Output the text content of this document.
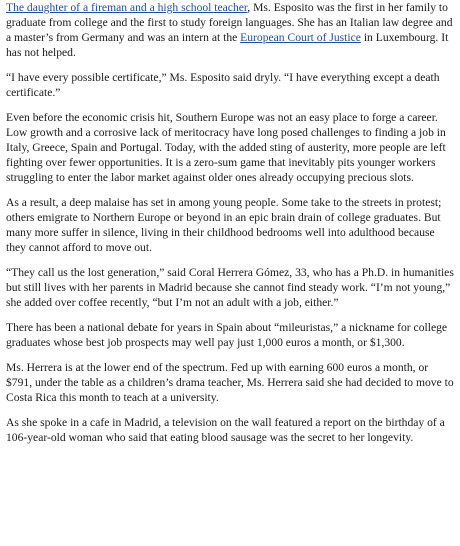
The daughter of a fireman and a high school teacher, Ms. Esposito was the first in her family to graduate from college and the first to study foreign languages. She has an Italian law degree and a master’s from Germany and was an intern at the European Court of Justice in Luxembourg. It has not helped.

“I have every possible certificate,” Ms. Esposito said dryly. “I have everything except a death certificate.”

Even before the economic crisis hit, Southern Europe was not an easy place to forge a career. Low growth and a corrosive lack of meritocracy have long posed challenges to finding a job in Italy, Greece, Spain and Portugal. Today, with the added sting of austerity, more people are left fighting over fewer opportunities. It is a zero-sum game that inevitably pits younger workers struggling to enter the labor market against older ones already occupying precious slots.

As a result, a deep malaise has set in among young people. Some take to the streets in protest; others emigrate to Northern Europe or beyond in an epic brain drain of college graduates. But many more suffer in silence, living in their childhood bedrooms well into adulthood because they cannot afford to move out.

“They call us the lost generation,” said Coral Herrera Gómez, 33, who has a Ph.D. in humanities but still lives with her parents in Madrid because she cannot find steady work. “I’m not young,” she added over coffee recently, “but I’m not an adult with a job, either.”

There has been a national debate for years in Spain about “mileuristas,” a nickname for college graduates whose best job prospects may well pay just 1,000 euros a month, or $1,300.

Ms. Herrera is at the lower end of the spectrum. Fed up with earning 600 euros a month, or $791, under the table as a children’s drama teacher, Ms. Herrera said she had decided to move to Costa Rica this month to teach at a university.

As she spoke in a cafe in Madrid, a television on the wall featured a report on the birthday of a 106-year-old woman who said that eating blood sausage was the secret to her longevity.
